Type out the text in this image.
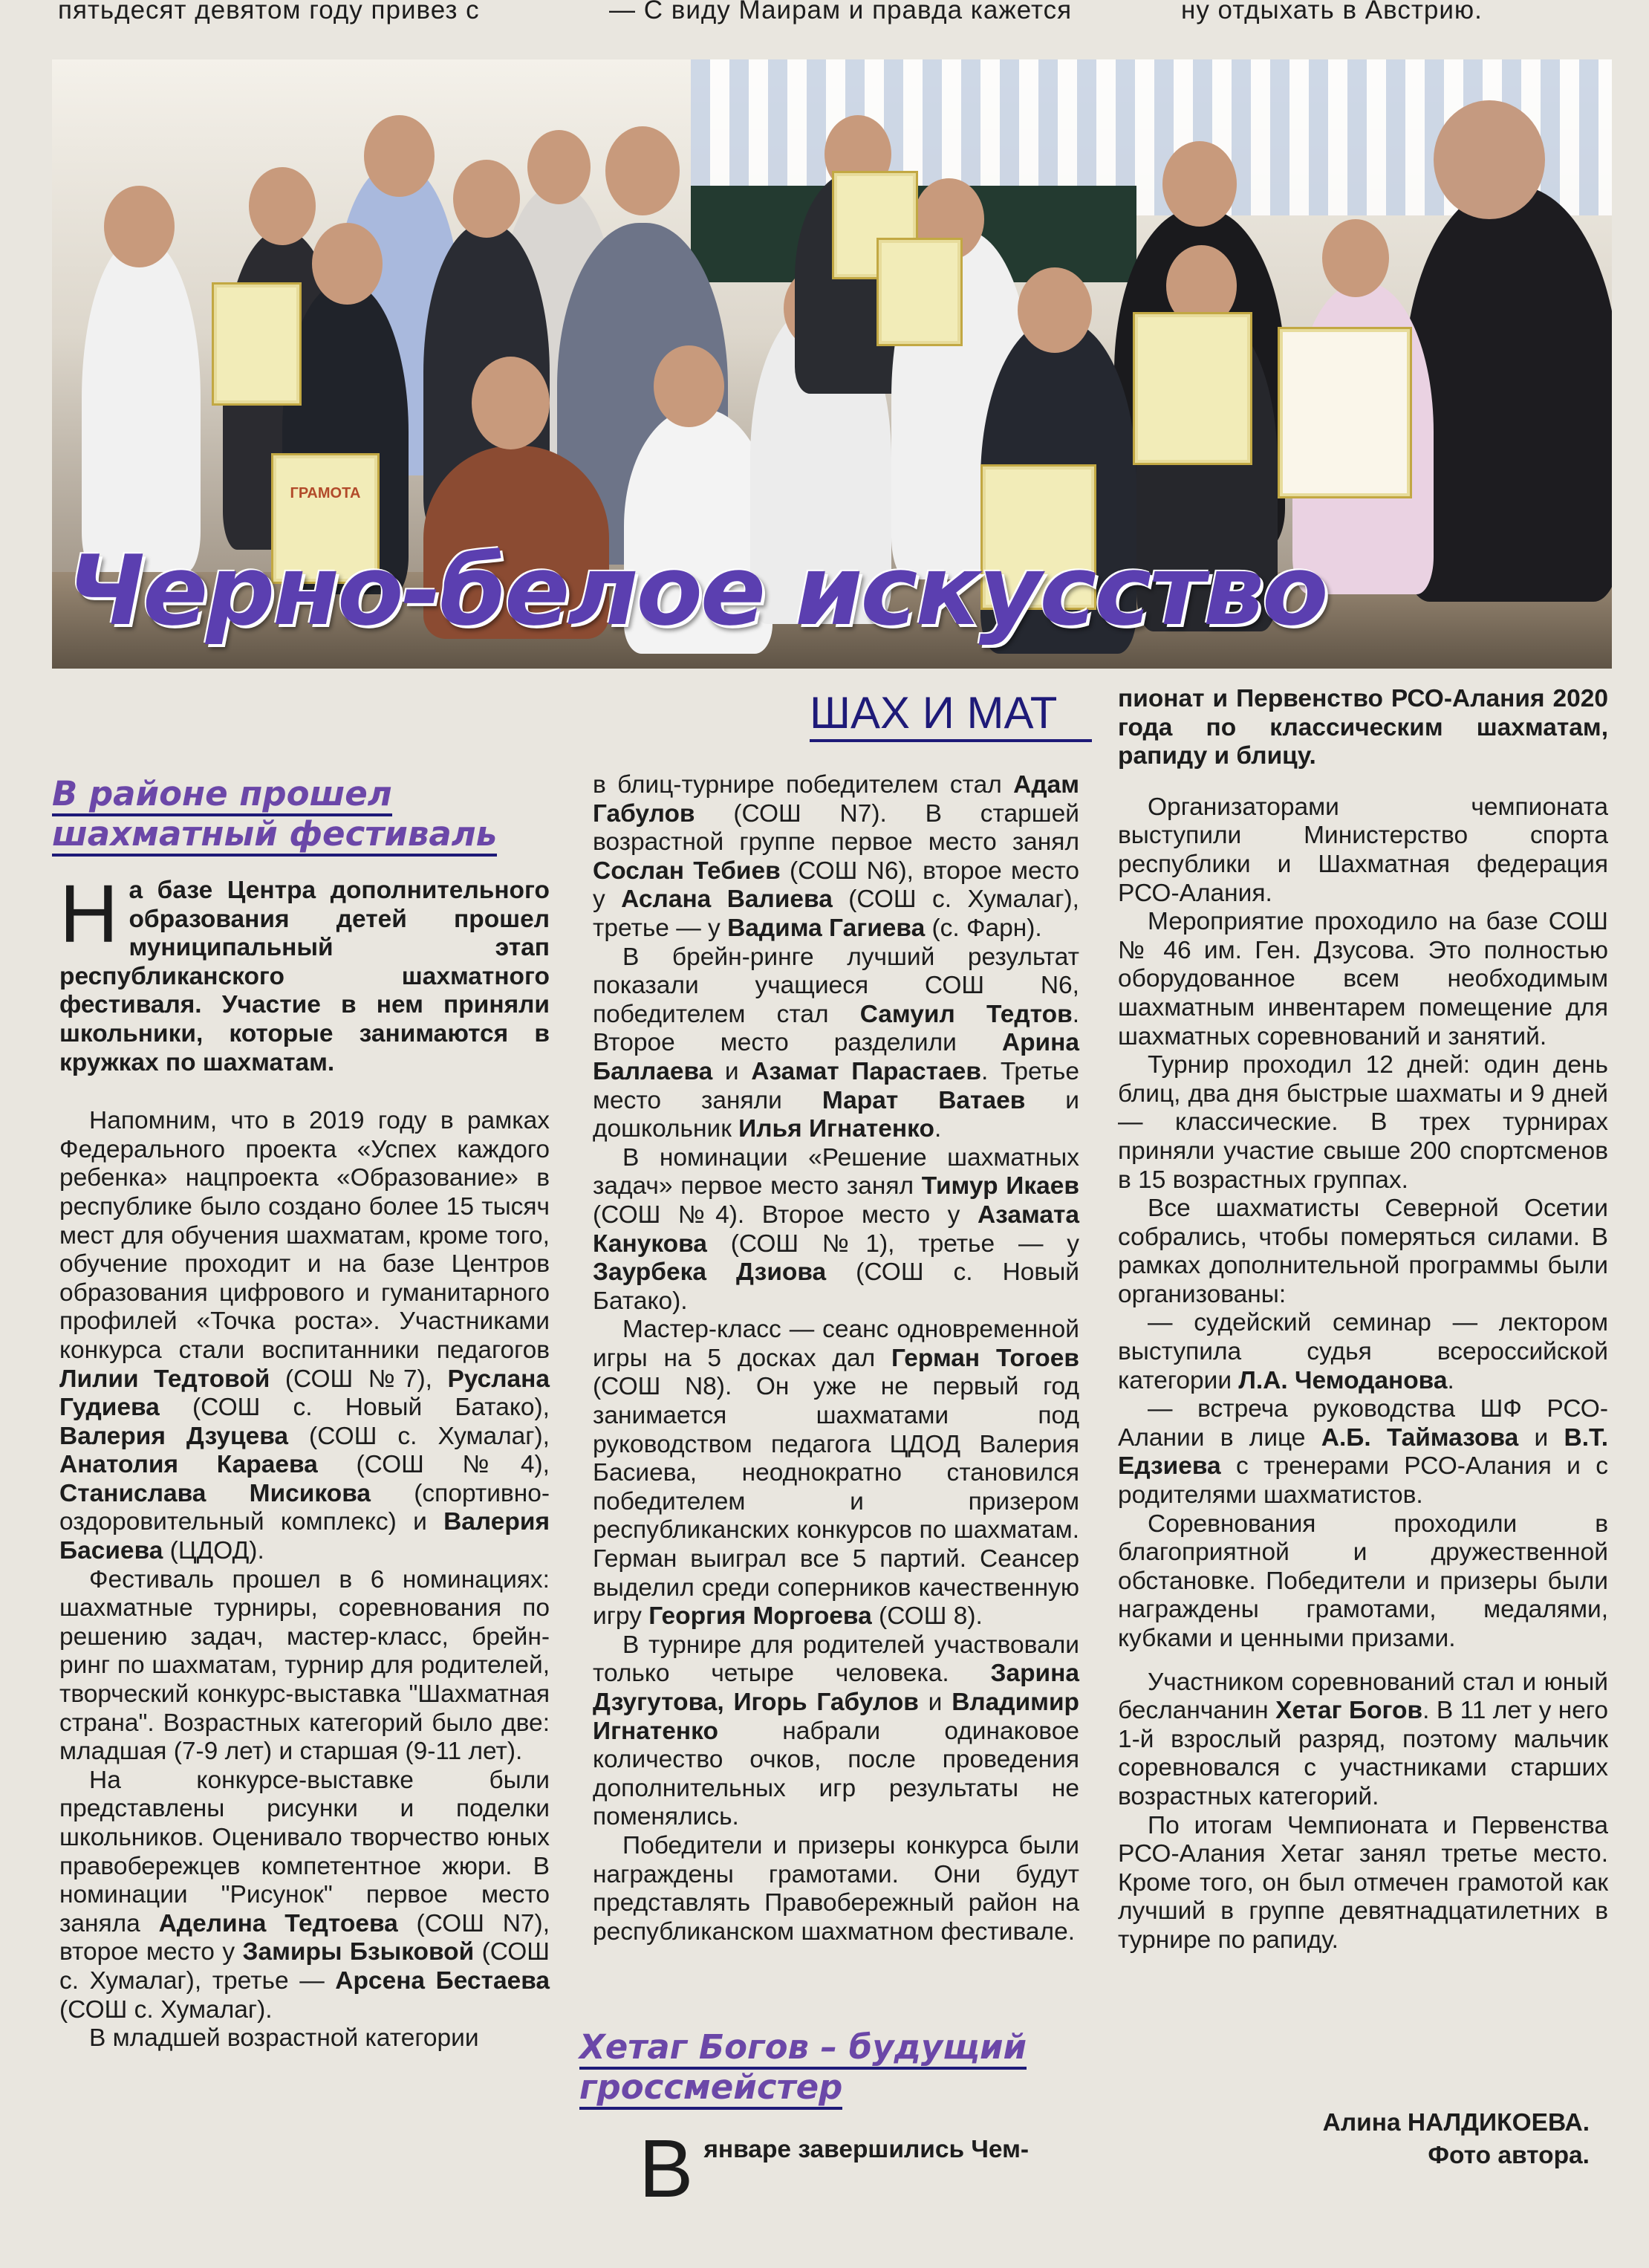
пятьдесят девятом году привез с	— С виду Маирам и правда кажется	ну отдыхать в Австрию.
ГРАМОТА
Черно-белое искусство
ШАХ И МАТ
В районе прошел
шахматный фестиваль

На базе Центра дополнительного образования детей прошел муниципальный этап республиканского шахматного фестиваля. Участие в нем приняли школьники, которые занимаются в кружках по шахматам.

Напомним, что в 2019 году в рамках Федерального проекта «Успех каждого ребенка» нацпроекта «Образование» в республике было создано более 15 тысяч мест для обучения шахматам, кроме того, обучение проходит и на базе Центров образования цифрового и гуманитарного профилей «Точка роста». Участниками конкурса стали воспитанники педагогов Лилии Тедтовой (СОШ №7), Руслана Гудиева (СОШ с. Новый Батако), Валерия Дзуцева (СОШ с. Хумалаг), Анатолия Караева (СОШ №4), Станислава Мисикова (спортивно-оздоровительный комплекс) и Валерия Басиева (ЦДОД).

Фестиваль прошел в 6 номинациях: шахматные турниры, соревнования по решению задач, мастер-класс, брейн-ринг по шахматам, турнир для родителей, творческий конкурс-выставка "Шахматная страна". Возрастных категорий было две: младшая (7-9 лет) и старшая (9-11 лет).

На конкурсе-выставке были представлены рисунки и поделки школьников. Оценивало творчество юных правобережцев компетентное жюри. В номинации "Рисунок" первое место заняла Аделина Тедтоева (СОШ N7), второе место у Замиры Бзыковой (СОШ с. Хумалаг), третье — Арсена Бестаева (СОШ с. Хумалаг).

В младшей возрастной категории

в блиц-турнире победителем стал Адам Габулов (СОШ N7). В старшей возрастной группе первое место занял Сослан Тебиев (СОШ N6), второе место у Аслана Валиева (СОШ с. Хумалаг), третье — у Вадима Гагиева (с. Фарн).

В брейн-ринге лучший результат показали учащиеся СОШ N6, победителем стал Самуил Тедтов. Второе место разделили Арина Баллаева и Азамат Парастаев. Третье место заняли Марат Ватаев и дошкольник Илья Игнатенко.

В номинации «Решение шахматных задач» первое место занял Тимур Икаев (СОШ №4). Второе место у Азамата Канукова (СОШ №1), третье — у Заурбека Дзиова (СОШ с. Новый Батако).

Мастер-класс — сеанс одновременной игры на 5 досках дал Герман Тогоев (СОШ N8). Он уже не первый год занимается шахматами под руководством педагога ЦДОД Валерия Басиева, неоднократно становился победителем и призером республиканских конкурсов по шахматам. Герман выиграл все 5 партий. Сеансер выделил среди соперников качественную игру Георгия Моргоева (СОШ 8).

В турнире для родителей участвовали только четыре человека. Зарина Дзугутова, Игорь Габулов и Владимир Игнатенко набрали одинаковое количество очков, после проведения дополнительных игр результаты не поменялись.

Победители и призеры конкурса были награждены грамотами. Они будут представлять Правобережный район на республиканском шахматном фестивале.

Хетаг Богов – будущий
гроссмейстер

В январе завершились Чем-

пионат и Первенство РСО-Алания 2020 года по классическим шахматам, рапиду и блицу.

Организаторами чемпионата выступили Министерство спорта республики и Шахматная федерация РСО-Алания.

Мероприятие проходило на базе СОШ № 46 им. Ген. Дзусова. Это полностью оборудованное всем необходимым шахматным инвентарем помещение для шахматных соревнований и занятий.

Турнир проходил 12 дней: один день блиц, два дня быстрые шахматы и 9 дней — классические. В трех турнирах приняли участие свыше 200 спортсменов в 15 возрастных группах.

Все шахматисты Северной Осетии собрались, чтобы померяться силами. В рамках дополнительной программы были организованы:

— судейский семинар — лектором выступила судья всероссийской категории Л.А. Чемоданова.

— встреча руководства ШФ РСО-Алании в лице А.Б. Таймазова и В.Т. Едзиева с тренерами РСО-Алания и с родителями шахматистов.

Соревнования проходили в благоприятной и дружественной обстановке. Победители и призеры были награждены грамотами, медалями, кубками и ценными призами.

Участником соревнований стал и юный бесланчанин Хетаг Богов. В 11 лет у него 1-й взрослый разряд, поэтому мальчик соревновался с участниками старших возрастных категорий.

По итогам Чемпионата и Первенства РСО-Алания Хетаг занял третье место. Кроме того, он был отмечен грамотой как лучший в группе девятнадцатилетних в турнире по рапиду.

Алина НАЛДИКОЕВА.
Фото автора.
